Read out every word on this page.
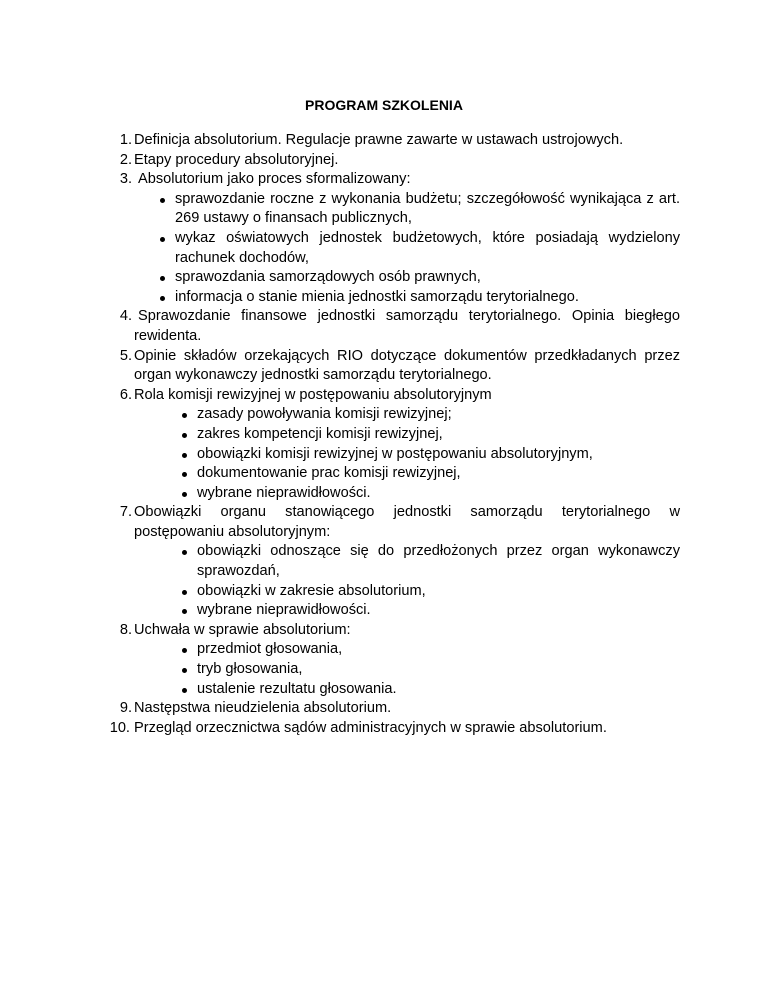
PROGRAM SZKOLENIA
1. Definicja absolutorium. Regulacje prawne zawarte w ustawach ustrojowych.
2. Etapy procedury absolutoryjnej.
3. Absolutorium jako proces sformalizowany:
sprawozdanie roczne z wykonania budżetu; szczegółowość wynikająca z art. 269 ustawy o finansach publicznych,
wykaz oświatowych jednostek budżetowych, które posiadają wydzielony rachunek dochodów,
sprawozdania samorządowych osób prawnych,
informacja o stanie mienia jednostki samorządu terytorialnego.
4. Sprawozdanie finansowe jednostki samorządu terytorialnego. Opinia biegłego rewidenta.
5. Opinie składów orzekających RIO dotyczące dokumentów przedkładanych przez organ wykonawczy jednostki samorządu terytorialnego.
6. Rola komisji rewizyjnej w postępowaniu absolutoryjnym
zasady powoływania komisji rewizyjnej;
zakres kompetencji komisji rewizyjnej,
obowiązki komisji rewizyjnej w postępowaniu absolutoryjnym,
dokumentowanie prac komisji rewizyjnej,
wybrane nieprawidłowości.
7. Obowiązki organu stanowiącego jednostki samorządu terytorialnego w postępowaniu absolutoryjnym:
obowiązki odnoszące się do przedłożonych przez organ wykonawczy sprawozdań,
obowiązki w zakresie absolutorium,
wybrane nieprawidłowości.
8. Uchwała w sprawie absolutorium:
przedmiot głosowania,
tryb głosowania,
ustalenie rezultatu głosowania.
9. Następstwa nieudzielenia absolutorium.
10. Przegląd orzecznictwa sądów administracyjnych w sprawie absolutorium.
